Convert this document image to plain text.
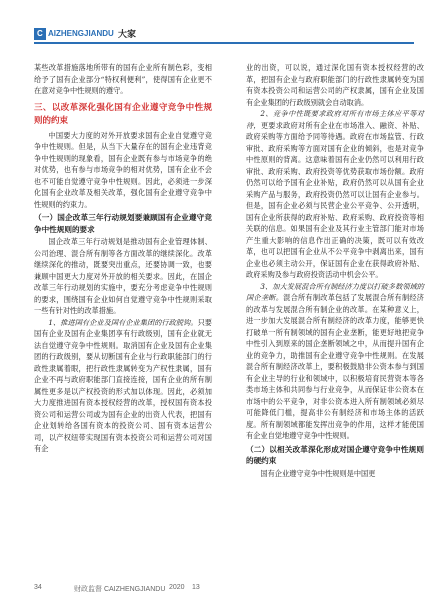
C AIZHENGJIANDU 大家

某些改革措施落地所带有的国有企业所有制色彩，变相给予了国有企业部分“特权利便利”，使得国有企业更不在意对竞争中性规则的遵守。

三、以改革深化强化国有企业遵守竞争中性规则的约束

中国要大力度的对外开放要求国有企业自觉遵守竞争中性规则。但是，从当下大量存在的国有企业违背竞争中性规则的现象看，国有企业既有参与市场竞争的绝对优势，也有参与市场竞争的相对优势，国有企业不会也不可能自觉遵守竞争中性规则。因此，必须进一步深化国有企业改革及相关改革，强化国有企业遵守竞争中性规则的约束力。

（一）国企改革三年行动规划要兼顾国有企业遵守竞争中性规则的要求

国企改革三年行动规划是推动国有企业管理体制、公司治理、混合所有制等各方面改革的继续深化。改革继续深化的推动，既要突出重点，还要协调一致，也要兼顾中国更大力度对外开放的相关要求。因此，在国企改革三年行动规划的实施中，要充分考虑竞争中性规则的要求，围绕国有企业如何自觉遵守竞争中性规则采取一些有针对性的改革措施。

1、推进国有企业及国有企业集团的行政脱钩。只要国有企业及国有企业集团享有行政级别，国有企业就无法自觉遵守竞争中性规则。取消国有企业及国有企业集团的行政级别，要从切断国有企业与行政职能部门的行政性隶属着眼，把行政性隶属转变为产权性隶属，国有企业不再与政府职能部门直接连接，国有企业的所有制属性更多是以产权投资的形式加以体现。因此，必须加大力度推进国有资本授权经营的改革，授权国有资本投资公司和运营公司或为国有企业的出资人代表，把国有企业划转给各国有资本的投资公司、国有资本运营公司，以产权纽带实现国有资本投资公司和运营公司对国有企

业的出资，可以说，通过深化国有资本授权经营的改革，把国有企业与政府职能部门的行政性隶属转变为国有资本投资公司和运营公司的产权隶属，国有企业及国有企业集团的行政级别就会自动取消。

2、竞争中性既要求政府对所有市场主体应平等对待，更要求政府对所有企业在市场准入、融资、补贴、政府采购等方面给予同等待遇。政府在市场监管、行政审批、政府采购等方面对国有企业的倾斜，也是对竞争中性原则的背离。这意味着国有企业仍然可以利用行政审批、政府采购、政府投资等优势获取市场份额。政府仍然可以给予国有企业补贴，政府仍然可以从国有企业采购产品与服务，政府投资仍然可以让国有企业参与。但是，国有企业必须与民营企业公平竞争、公开透明，国有企业所获得的政府补贴、政府采购、政府投资等相关联的信息。如果国有企业及其行业主管部门能对市场产生重大影响的信息作出正确的决策，既可以有效改革，也可以把国有企业从不公平竞争中剥离出来，国有企业也必须主动公开，保证国有企业在获得政府补贴、政府采购及参与政府投资活动中机会公平。

3、加大发展混合所有制经济力度以打破多数领域的国企垄断。混合所有制改革包括了发展混合所有制经济的改革与发展混合所有制企业的改革。在某种意义上，进一步加大发展混合所有制经济的改革力度，能够更快打破单一所有制领域的国有企业垄断，能更好地把竞争中性引入到原来的国企垄断领域之中，从而提升国有企业的竞争力，助推国有企业遵守竞争中性规则。在发展混合所有制经济改革上，要积极鼓励非公资本参与到国有企业主导的行业和领域中，以积极培育民营资本等各类市场主体和共同参与行业竞争，从而保证非公资本在市场中的公平竞争，对非公资本进入所有制领域必须尽可能降低门槛，提高非公有制经济和市场主体的活跃度。所有制领域都能发挥出竞争的作用，这样才能使国有企业自觉地遵守竞争中性规则。

（二）以相关改革深化形成对国企遵守竞争中性规则的硬约束

国有企业遵守竞争中性规则是中国更

34	财政监督 CAIZHENGJIANDU 2020 13
